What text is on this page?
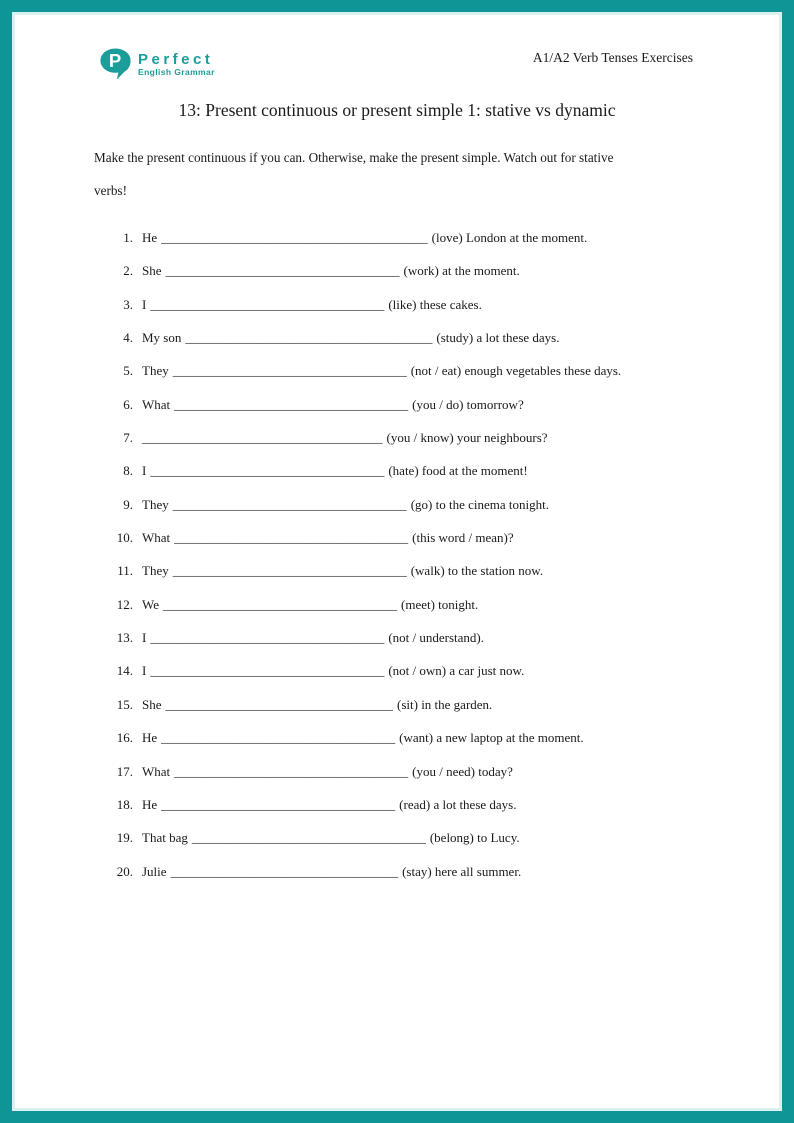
P Perfect
English Grammar
A1/A2 Verb Tenses Exercises
13: Present continuous or present simple 1: stative vs dynamic

Make the present continuous if you can. Otherwise, make the present simple. Watch out for stative
verbs!

1. He _________________________________________ (love) London at the moment.
2. She ____________________________________ (work) at the moment.
3. I ____________________________________ (like) these cakes.
4. My son ______________________________________ (study) a lot these days.
5. They ____________________________________ (not / eat) enough vegetables these days.
6. What ____________________________________ (you / do) tomorrow?
7. _____________________________________ (you / know) your neighbours?
8. I ____________________________________ (hate) food at the moment!
9. They ____________________________________ (go) to the cinema tonight.
10. What ____________________________________ (this word / mean)?
11. They ____________________________________ (walk) to the station now.
12. We ____________________________________ (meet) tonight.
13. I ____________________________________ (not / understand).
14. I ____________________________________ (not / own) a car just now.
15. She ___________________________________ (sit) in the garden.
16. He ____________________________________ (want) a new laptop at the moment.
17. What ____________________________________ (you / need) today?
18. He ____________________________________ (read) a lot these days.
19. That bag ____________________________________ (belong) to Lucy.
20. Julie ___________________________________ (stay) here all summer.
